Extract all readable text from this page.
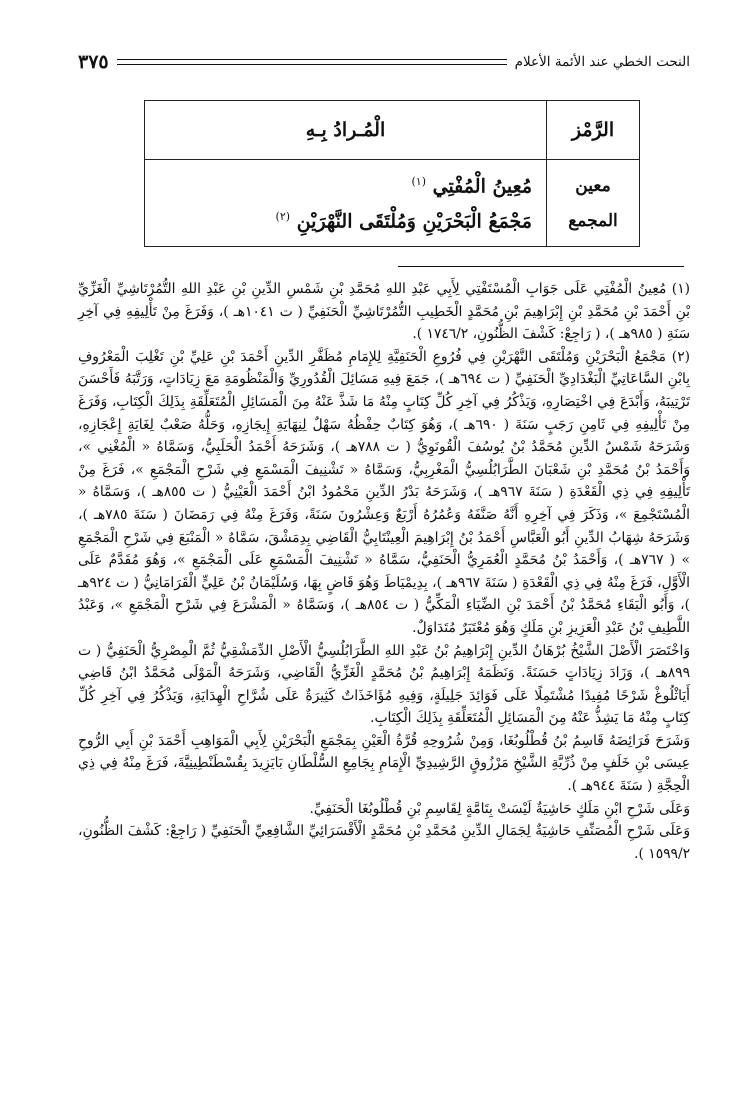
النحت الخطي عند الأئمة الأعلام
٣٧٥
الرَّمْز	الْمُـرادُ بِـهِ
معين	مُعِينُ الْمُفْتِي $^{(١)}$
المجمع	مَجْمَعُ الْبَحْرَيْنِ وَمُلْتَقَى النَّهْرَيْنِ $^{(٢)}$

(١) مُعِينُ الْمُفْتِي عَلَى جَوَابِ الْمُسْتَفْتِي لِأَبِي عَبْدِ اللهِ مُحَمَّدِ بْنِ شَمْسِ الدِّينِ بْنِ عَبْدِ اللهِ التُّمُرْتَاشِيِّ الْغَزِّيِّ بْنِ أَحْمَدَ بْنِ مُحَمَّدِ بْنِ إِبْرَاهِيمَ بْنِ مُحَمَّدٍ الْخَطِيبِ التُّمُرْتَاشِيِّ الْحَنَفِيِّ ( ت ١٠٤١هـ )، وَفَرَغَ مِنْ تَأْلِيفِهِ فِي آخِرِ سَنَةِ ( ٩٨٥هـ )، ( رَاجِعْ: كَشْفَ الظُّنُونِ، ١٧٤٦/٢ ).

(٢) مَجْمَعُ الْبَحْرَيْنِ وَمُلْتَقَى النَّهْرَيْنِ فِي فُرُوعِ الْحَنَفِيَّةِ لِلإِمَامِ مُظَفَّرِ الدِّينِ أَحْمَدَ بْنِ عَلِيِّ بْنِ تَغْلِبَ الْمَعْرُوفِ بِابْنِ السَّاعَاتِيِّ الْبَغْدَادِيِّ الْحَنَفِيِّ ( ت ٦٩٤هـ )، جَمَعَ فِيهِ مَسَائِلَ الْقُدُورِيِّ وَالْمَنْظُومَةِ مَعَ زِيَادَاتٍ، وَرَتَّبَهُ فَأَحْسَنَ تَرْتِيبَهُ، وَأَبْدَعَ فِي اخْتِصَارِهِ، وَيَذْكُرُ فِي آخِرِ كُلِّ كِتَابٍ مِنْهُ مَا شَذَّ عَنْهُ مِنَ الْمَسَائِلِ الْمُتَعَلِّقَةِ بِذَلِكَ الْكِتَابِ، وَفَرَغَ مِنْ تَأْلِيفِهِ فِي ثَامِنِ رَجَبٍ سَنَةَ ( ٦٩٠هـ )، وَهُوَ كِتَابٌ حِفْظُهُ سَهْلٌ لِنِهَايَةِ إِيجَازِهِ، وَحَلُّهُ صَعْبٌ لِغَايَةِ إِعْجَازِهِ، وَشَرَحَهُ شَمْسُ الدِّينِ مُحَمَّدُ بْنُ يُوسُفَ الْقُونَوِيُّ ( ت ٧٨٨هـ )، وَشَرَحَهُ أَحْمَدُ الْحَلَبِيُّ، وَسَمَّاهُ « الْمُغْنِي »، وَأَحْمَدُ بْنُ مُحَمَّدِ بْنِ شَعْبَانَ الطَّرَابُلُسِيُّ الْمَغْرِبِيُّ، وَسَمَّاهُ « تَشْنِيفَ الْمَسْمَعِ فِي شَرْحِ الْمَجْمَعِ »، فَرَغَ مِنْ تَأْلِيفِهِ فِي ذِي الْقَعْدَةِ ( سَنَةَ ٩٦٧هـ )، وَشَرَحَهُ بَدْرُ الدِّينِ مَحْمُودُ ابْنُ أَحْمَدَ الْعَيْنِيُّ ( ت ٨٥٥هـ )، وَسَمَّاهُ « الْمُسْتَجْمِعَ »، وَذَكَرَ فِي آخِرِهِ أَنَّهُ صَنَّفَهُ وَعُمُرُهُ أَرْبَعٌ وَعِشْرُونَ سَنَةً، وَفَرَغَ مِنْهُ فِي رَمَضَانَ ( سَنَةَ ٧٨٥هـ )، وَشَرَحَهُ شِهَابُ الدِّينِ أَبُو الْعَبَّاسِ أَحْمَدُ بْنُ إِبْرَاهِيمَ الْعِينْتَابِيُّ الْقَاضِي بِدِمَشْقَ، سَمَّاهُ « الْمَنْبَعَ فِي شَرْحِ الْمَجْمَعِ » ( ٧٦٧هـ )، وَأَحْمَدُ بْنُ مُحَمَّدٍ الْعُمَرِيُّ الْحَنَفِيُّ، سَمَّاهُ « تَشْنِيفَ الْمَسْمَعِ عَلَى الْمَجْمَعِ »، وَهُوَ مُقَدَّمٌ عَلَى الْأَوَّلِ، فَرَغَ مِنْهُ فِي ذِي الْقَعْدَةِ ( سَنَةَ ٩٦٧هـ )، بِدِيمْيَاطَ وَهُوَ قَاضٍ بِهَا، وَسُلَيْمَانُ بْنُ عَلِيٍّ الْقَرَامَانِيُّ ( ت ٩٢٤هـ )، وَأَبُو الْبَقَاءِ مُحَمَّدُ بْنُ أَحْمَدَ بْنِ الضِّيَاءِ الْمَكِّيُّ ( ت ٨٥٤هـ )، وَسَمَّاهُ « الْمَشْرَعَ فِي شَرْحِ الْمَجْمَعِ »، وَعَبْدُ اللَّطِيفِ بْنُ عَبْدِ الْعَزِيزِ بْنِ مَلَكٍ وَهُوَ مُعْتَبَرٌ مُتَدَاوَلٌ.

وَاخْتَصَرَ الْأَصْلَ الشَّيْخُ بُرْهَانُ الدِّينِ إِبْرَاهِيمُ بْنُ عَبْدِ اللهِ الطَّرَابُلُسِيُّ الْأَصْلِ الدِّمَشْقِيُّ ثُمَّ الْمِصْرِيُّ الْحَنَفِيُّ ( ت ٨٩٩هـ )، وَزَادَ زِيَادَاتٍ حَسَنَةً. وَنَظَمَهُ إِبْرَاهِيمُ بْنُ مُحَمَّدٍ الْغَزِّيُّ الْقَاضِي، وَشَرَحَهُ الْمَوْلَى مُحَمَّدُ ابْنُ قَاضِي أَيَاثْلُوغْ شَرْحًا مُفِيدًا مُشْتَمِلًا عَلَى فَوَائِدَ جَلِيلَةٍ، وَفِيهِ مُؤَاخَذَاتٌ كَثِيرَةٌ عَلَى شُرَّاحِ الْهِدَايَةِ، وَيَذْكُرُ فِي آخِرِ كُلِّ كِتَابٍ مِنْهُ مَا يَشِذُّ عَنْهُ مِنَ الْمَسَائِلِ الْمُتَعَلِّقَةِ بِذَلِكَ الْكِتَابِ.

وَشَرَحَ فَرَائِضَهُ قَاسِمُ بْنُ قُطْلُوبُغَا، وَمِنْ شُرُوحِهِ قُرَّةُ الْعَيْنِ بِمَجْمَعِ الْبَحْرَيْنِ لِأَبِي الْمَوَاهِبِ أَحْمَدَ بْنِ أَبِي الرُّوحِ عِيسَى بْنِ خَلَفٍ مِنْ ذُرِّيَّةِ الشَّيْخِ مَرْزُوقٍ الرَّشِيدِيِّ الْإِمَامِ بِجَامِعِ السُّلْطَانِ بَايَزِيدَ بِقُسْطَنْطِينِيَّةَ، فَرَغَ مِنْهُ فِي ذِي الْحِجَّةِ ( سَنَةَ ٩٤٤هـ ).

وَعَلَى شَرْحِ ابْنِ مَلَكٍ حَاشِيَةٌ لَيْسَتْ بِتَامَّةٍ لِقَاسِمِ بْنِ قُطْلُوبُغَا الْحَنَفِيِّ.

وَعَلَى شَرْحِ الْمُصَنِّفِ حَاشِيَةٌ لِجَمَالِ الدِّينِ مُحَمَّدِ بْنِ مُحَمَّدٍ الْأَقْسَرَائِيِّ الشَّافِعِيِّ الْحَنَفِيِّ ( رَاجِعْ: كَشْفَ الظُّنُونِ، ١٥٩٩/٢ ).
